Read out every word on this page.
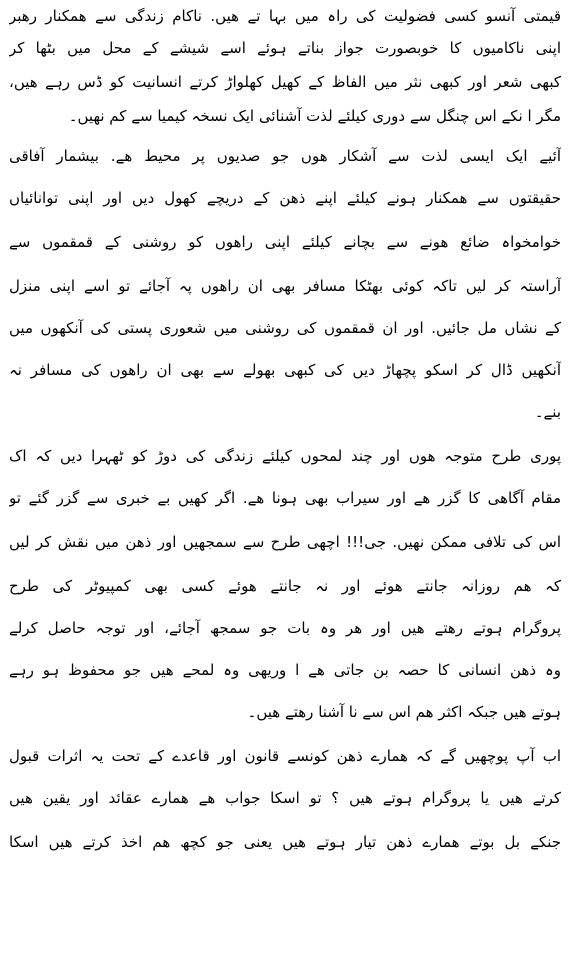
قیمتی آنسو کسی فضولیت کی راہ میں بہا تے ھیں. ناکام زندگی سے ھمکنار رھبر
اپنی ناکامیوں کا خوبصورت جواز بناتے ہوئے اسے شیشے کے محل میں بٹھا کر
کبھی شعر اور کبھی نثر میں الفاظ کے کھیل کھلواڑ کرتے انسانیت کو ڈس رہے ھیں،
مگر ا نکے اس چنگل سے دوری کیلئے لذت آشنائی ایک نسخہ کیمیا سے کم نھیں۔
آئیے ایک ایسی لذت سے آشکار ھوں جو صدیوں پر محیط ھے. بیشمار آفاقی
حقیقتوں سے ھمکنار ہونے کیلئے اپنے ذھن کے دریچے کھول دیں اور اپنی توانائیاں
خوامخواہ ضائع ھونے سے بچانے کیلئے اپنی راھوں کو روشنی کے قمقموں سے
آراستہ کر لیں تاکہ کوئی بھٹکا مسافر بھی ان راھوں پہ آجائے تو اسے اپنی منزل
کے نشاں مل جائیں. اور ان قمقموں کی روشنی میں شعوری پستی کی آنکھوں میں
آنکھیں ڈال کر اسکو پچھاڑ دیں کی کبھی بھولے سے بھی ان راھوں کی مسافر نہ
بنے۔
پوری طرح متوجہ ھوں اور چند لمحوں کیلئے زندگی کی دوڑ کو ٹھہرا دیں کہ اک
مقام آگاھی کا گزر ھے اور سیراب بھی ہونا ھے. اگر کھیں بے خبری سے گزر گئے تو
اس کی تلافی ممکن نھیں. جی!!! اچھی طرح سے سمجھیں اور ذھن میں نقش کر لیں
کہ ھم روزانہ جانتے ھوئے اور نہ جانتے ھوئے کسی بھی کمپیوٹر کی طرح
پروگرام ہوتے رھتے ھیں اور ھر وہ بات جو سمجھ آجائے، اور توجہ حاصل کرلے
وہ ذھن انسانی کا حصہ بن جاتی ھے ا وریھی وہ لمحے ھیں جو محفوظ ہو رہے
ہوتے ھیں جبکہ اکثر ھم اس سے نا آشنا رھتے ھیں۔
اب آپ پوچھیں گے کہ ھمارے ذھن کونسے قانون اور قاعدے کے تحت یہ اثرات قبول
کرتے ھیں یا پروگرام ہوتے ھیں ؟ تو اسکا جواب ھے ھمارے عقائد اور یقین ھیں
جنکے بل بوتے ھمارے ذھن تیار ہوتے ھیں یعنی جو کچھ ھم اخذ کرتے ھیں اسکا
